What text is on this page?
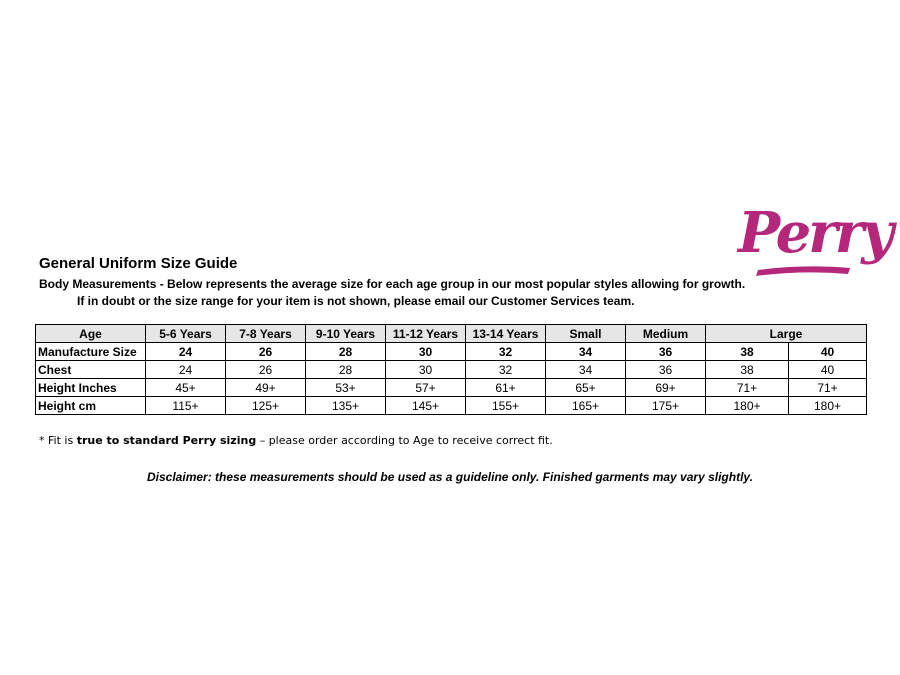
Perry
General Uniform Size Guide
Body Measurements - Below represents the average size for each age group in our most popular styles allowing for growth.
If in doubt or the size range for your item is not shown, please email our Customer Services team.
Age	5-6 Years	7-8 Years	9-10 Years	11-12 Years	13-14 Years	Small	Medium	Large	
Manufacture Size	24	26	28	30	32	34	36	38	40
Chest	24	26	28	30	32	34	36	38	40
Height Inches	45+	49+	53+	57+	61+	65+	69+	71+	71+
Height cm	115+	125+	135+	145+	155+	165+	175+	180+	180+
* Fit is true to standard Perry sizing – please order according to Age to receive correct fit.
Disclaimer: these measurements should be used as a guideline only. Finished garments may vary slightly.
